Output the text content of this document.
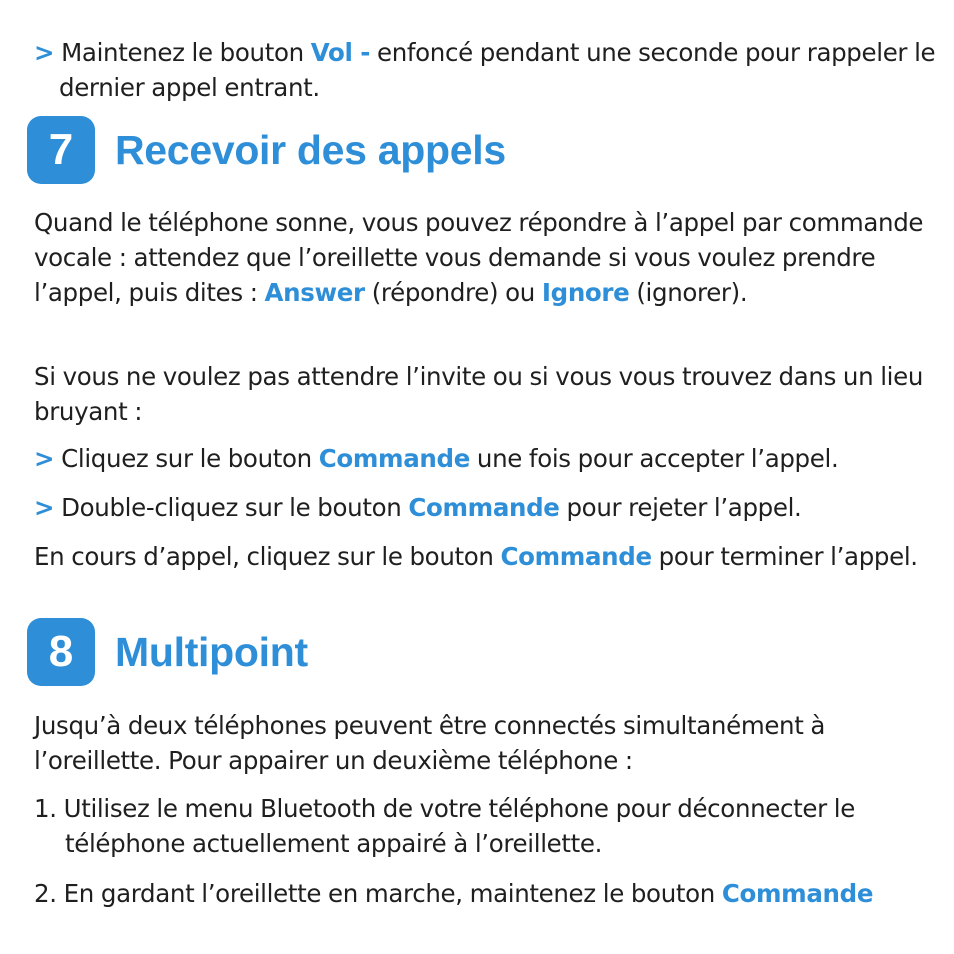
> Maintenez le bouton Vol - enfoncé pendant une seconde pour rappeler le dernier appel entrant.

7	Recevoir des appels

Quand le téléphone sonne, vous pouvez répondre à l’appel par commande vocale : attendez que l’oreillette vous demande si vous voulez prendre l’appel, puis dites : Answer (répondre) ou Ignore (ignorer).

Si vous ne voulez pas attendre l’invite ou si vous vous trouvez dans un lieu bruyant :

> Cliquez sur le bouton Commande une fois pour accepter l’appel.

> Double-cliquez sur le bouton Commande pour rejeter l’appel.

En cours d’appel, cliquez sur le bouton Commande pour terminer l’appel.

8	Multipoint

Jusqu’à deux téléphones peuvent être connectés simultanément à l’oreillette. Pour appairer un deuxième téléphone :

1. Utilisez le menu Bluetooth de votre téléphone pour déconnecter le téléphone actuellement appairé à l’oreillette.

2. En gardant l’oreillette en marche, maintenez le bouton Commande
